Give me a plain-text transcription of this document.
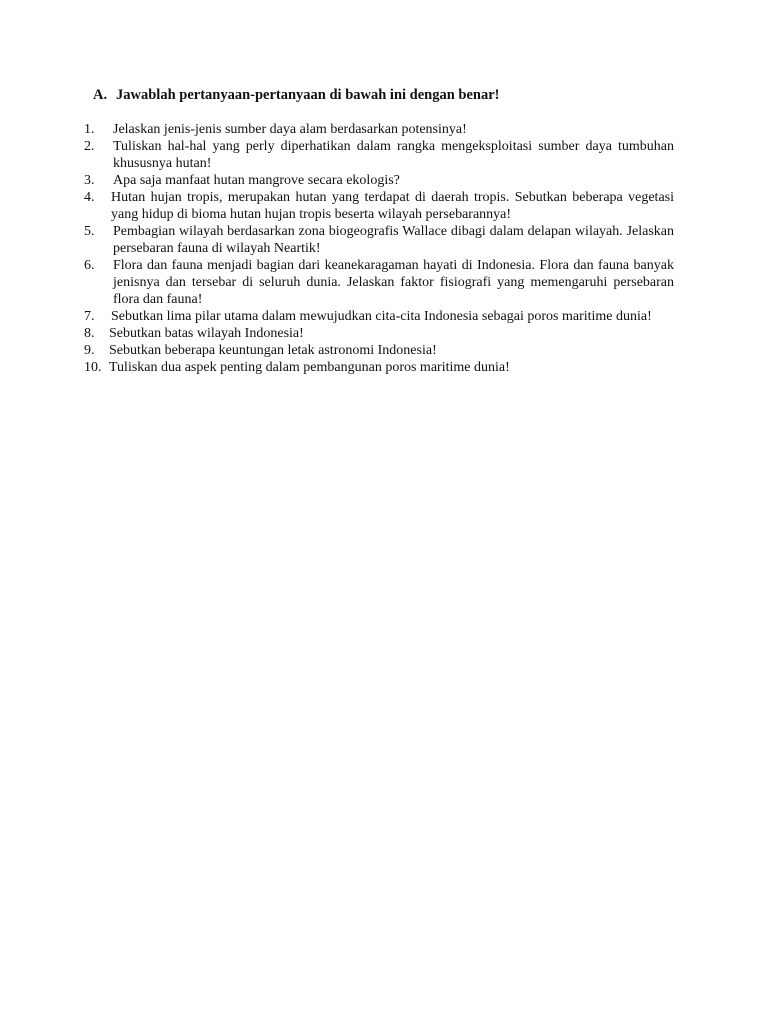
A. Jawablah pertanyaan-pertanyaan di bawah ini dengan benar!
1.	Jelaskan jenis-jenis sumber daya alam berdasarkan potensinya!
2.	Tuliskan hal-hal yang perly diperhatikan dalam rangka mengeksploitasi sumber daya tumbuhan khususnya hutan!
3.	Apa saja manfaat hutan mangrove secara ekologis?
4.	Hutan hujan tropis, merupakan hutan yang terdapat di daerah tropis. Sebutkan beberapa vegetasi yang hidup di bioma hutan hujan tropis beserta wilayah persebarannya!
5.	Pembagian wilayah berdasarkan zona biogeografis Wallace dibagi dalam delapan wilayah. Jelaskan persebaran fauna di wilayah Neartik!
6.	Flora dan fauna menjadi bagian dari keanekaragaman hayati di Indonesia. Flora dan fauna banyak jenisnya dan tersebar di seluruh dunia. Jelaskan faktor fisiografi yang memengaruhi persebaran flora dan fauna!
7.	Sebutkan lima pilar utama dalam mewujudkan cita-cita Indonesia sebagai poros maritime dunia!
8.	Sebutkan batas wilayah Indonesia!
9.	Sebutkan beberapa keuntungan letak astronomi Indonesia!
10. Tuliskan dua aspek penting dalam pembangunan poros maritime dunia!
